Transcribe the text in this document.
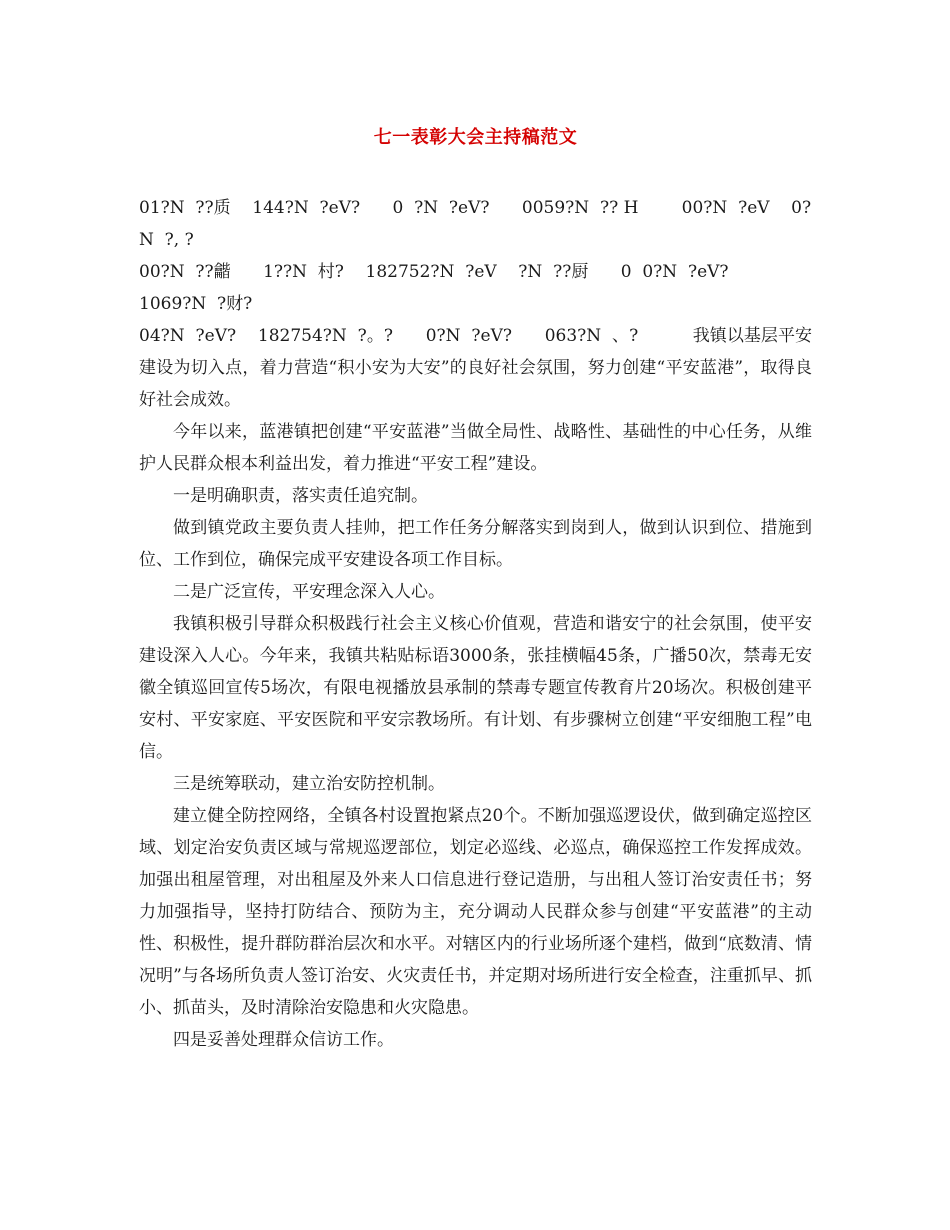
七一表彰大会主持稿范文

01?N  ??质    144?N  ?eV?      0  ?N  ?eV?      0059?N  ?? H        00?N  ?eV    0?N  ?, ?

00?N  ??龤      1??N  村?    182752?N  ?eV    ?N  ??厨      0  0?N  ?eV?      1069?N  ?财?

04?N  ?eV?    182754?N  ?。?      0?N  ?eV?      063?N  、?          我镇以基层平安建设为切入点，着力营造“积小安为大安”的良好社会氛围，努力创建“平安蓝港”，取得良好社会成效。

今年以来，蓝港镇把创建“平安蓝港”当做全局性、战略性、基础性的中心任务，从维护人民群众根本利益出发，着力推进“平安工程”建设。

一是明确职责，落实责任追究制。

做到镇党政主要负责人挂帅，把工作任务分解落实到岗到人，做到认识到位、措施到位、工作到位，确保完成平安建设各项工作目标。

二是广泛宣传，平安理念深入人心。

我镇积极引导群众积极践行社会主义核心价值观，营造和谐安宁的社会氛围，使平安建设深入人心。今年来，我镇共粘贴标语3000条，张挂横幅45条，广播50次，禁毒无安徽全镇巡回宣传5场次，有限电视播放县承制的禁毒专题宣传教育片20场次。积极创建平安村、平安家庭、平安医院和平安宗教场所。有计划、有步骤树立创建“平安细胞工程”电信。

三是统筹联动，建立治安防控机制。

建立健全防控网络，全镇各村设置抱紧点20个。不断加强巡逻设伏，做到确定巡控区域、划定治安负责区域与常规巡逻部位，划定必巡线、必巡点，确保巡控工作发挥成效。加强出租屋管理，对出租屋及外来人口信息进行登记造册，与出租人签订治安责任书；努力加强指导，坚持打防结合、预防为主，充分调动人民群众参与创建“平安蓝港”的主动性、积极性，提升群防群治层次和水平。对辖区内的行业场所逐个建档，做到“底数清、情况明”与各场所负责人签订治安、火灾责任书，并定期对场所进行安全检查，注重抓早、抓小、抓苗头，及时清除治安隐患和火灾隐患。

四是妥善处理群众信访工作。
